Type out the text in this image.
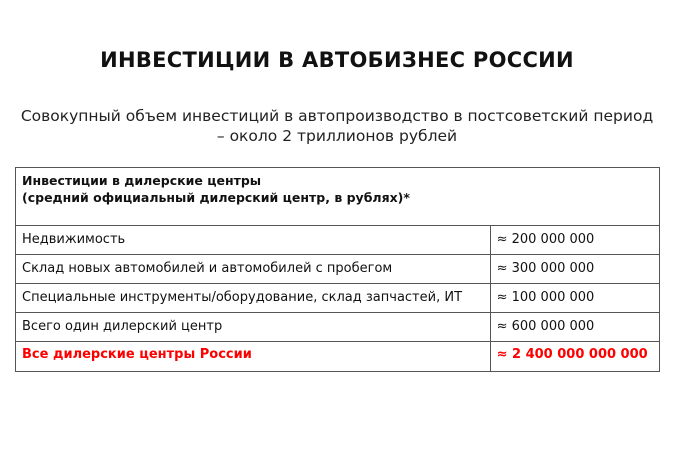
ИНВЕСТИЦИИ В АВТОБИЗНЕС РОССИИ
Совокупный объем инвестиций в автопроизводство в постсоветский период
– около 2 триллионов рублей
Инвестиции в дилерские центры
(средний официальный дилерский центр, в рублях)*	

Недвижимость	≈ 200 000 000
Склад новых автомобилей и автомобилей с пробегом	≈ 300 000 000
Специальные инструменты/оборудование, склад запчастей, ИТ	≈ 100 000 000
Всего один дилерский центр	≈ 600 000 000
Все дилерские центры России	≈ 2 400 000 000 000
